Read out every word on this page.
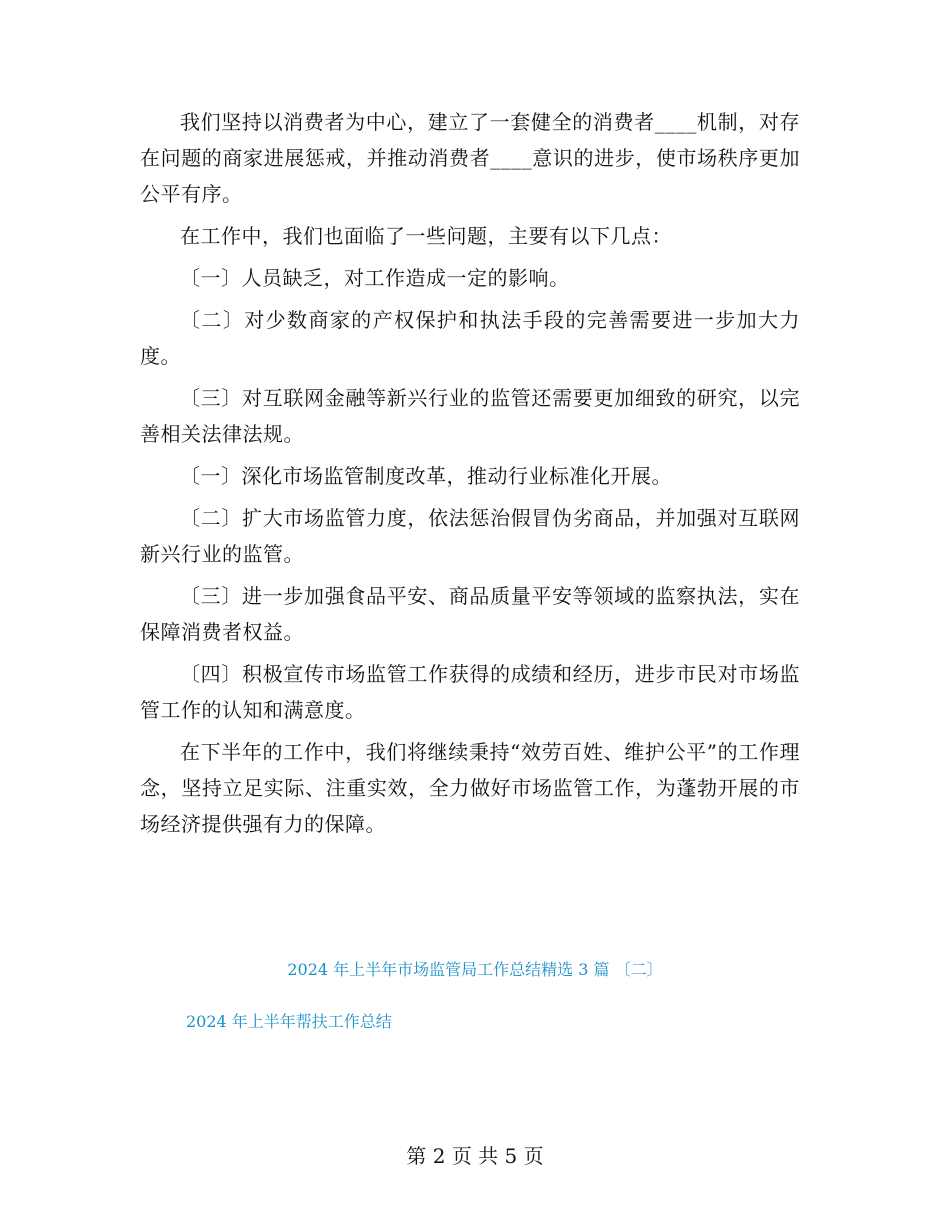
我们坚持以消费者为中心，建立了一套健全的消费者____机制，对存在问题的商家进展惩戒，并推动消费者____意识的进步，使市场秩序更加公平有序。

在工作中，我们也面临了一些问题，主要有以下几点：

〔一〕人员缺乏，对工作造成一定的影响。

〔二〕对少数商家的产权保护和执法手段的完善需要进一步加大力度。

〔三〕对互联网金融等新兴行业的监管还需要更加细致的研究，以完善相关法律法规。

〔一〕深化市场监管制度改革，推动行业标准化开展。

〔二〕扩大市场监管力度，依法惩治假冒伪劣商品，并加强对互联网新兴行业的监管。

〔三〕进一步加强食品平安、商品质量平安等领域的监察执法，实在保障消费者权益。

〔四〕积极宣传市场监管工作获得的成绩和经历，进步市民对市场监管工作的认知和满意度。

在下半年的工作中，我们将继续秉持“效劳百姓、维护公平”的工作理念，坚持立足实际、注重实效，全力做好市场监管工作，为蓬勃开展的市场经济提供强有力的保障。

2024 年上半年市场监管局工作总结精选 3 篇 〔二〕
2024 年上半年帮扶工作总结
第 2 页 共 5 页
